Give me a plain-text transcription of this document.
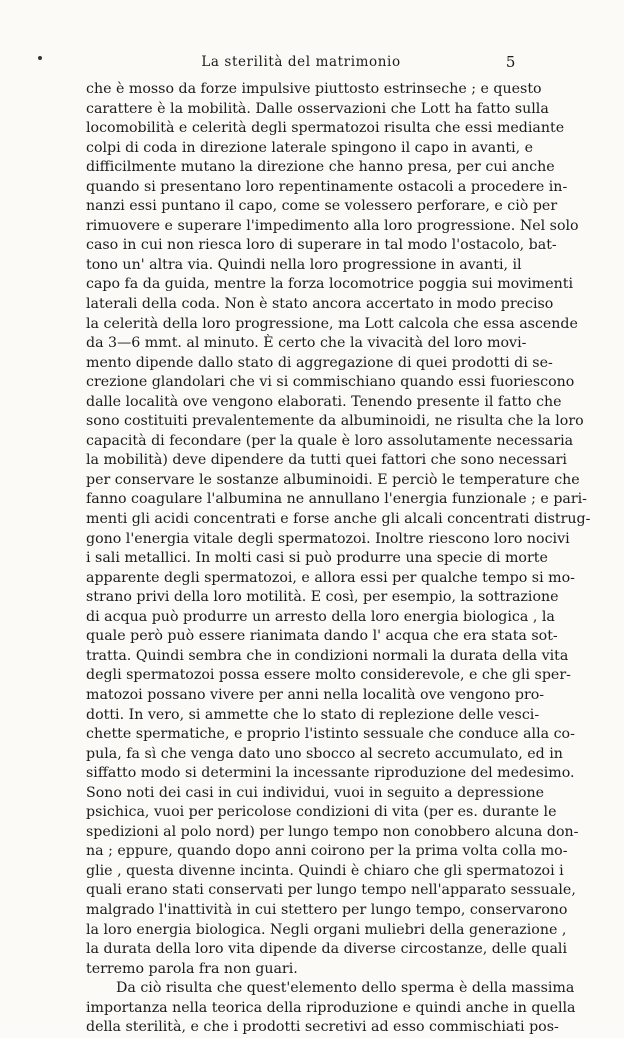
La sterilità del matrimonio	5
che è mosso da forze impulsive piuttosto estrinseche ; e questo
carattere è la mobilità. Dalle osservazioni che Lott ha fatto sulla
locomobilità e celerità degli spermatozoi risulta che essi mediante
colpi di coda in direzione laterale spingono il capo in avanti, e
difficilmente mutano la direzione che hanno presa, per cui anche
quando si presentano loro repentinamente ostacoli a procedere in-
nanzi essi puntano il capo, come se volessero perforare, e ciò per
rimuovere e superare l'impedimento alla loro progressione. Nel solo
caso in cui non riesca loro di superare in tal modo l'ostacolo, bat-
tono un' altra via. Quindi nella loro progressione in avanti, il
capo fa da guida, mentre la forza locomotrice poggia sui movimenti
laterali della coda. Non è stato ancora accertato in modo preciso
la celerità della loro progressione, ma Lott calcola che essa ascende
da 3—6 mmt. al minuto. È certo che la vivacità del loro movi-
mento dipende dallo stato di aggregazione di quei prodotti di se-
crezione glandolari che vi si commischiano quando essi fuoriescono
dalle località ove vengono elaborati. Tenendo presente il fatto che
sono costituiti prevalentemente da albuminoidi, ne risulta che la loro
capacità di fecondare (per la quale è loro assolutamente necessaria
la mobilità) deve dipendere da tutti quei fattori che sono necessari
per conservare le sostanze albuminoidi. E perciò le temperature che
fanno coagulare l'albumina ne annullano l'energia funzionale ; e pari-
menti gli acidi concentrati e forse anche gli alcali concentrati distrug-
gono l'energia vitale degli spermatozoi. Inoltre riescono loro nocivi
i sali metallici. In molti casi si può produrre una specie di morte
apparente degli spermatozoi, e allora essi per qualche tempo si mo-
strano privi della loro motilità. E così, per esempio, la sottrazione
di acqua può produrre un arresto della loro energia biologica , la
quale però può essere rianimata dando l' acqua che era stata sot-
tratta. Quindi sembra che in condizioni normali la durata della vita
degli spermatozoi possa essere molto considerevole, e che gli sper-
matozoi possano vivere per anni nella località ove vengono pro-
dotti. In vero, si ammette che lo stato di replezione delle vesci-
chette spermatiche, e proprio l'istinto sessuale che conduce alla co-
pula, fa sì che venga dato uno sbocco al secreto accumulato, ed in
siffatto modo si determini la incessante riproduzione del medesimo.
Sono noti dei casi in cui individui, vuoi in seguito a depressione
psichica, vuoi per pericolose condizioni di vita (per es. durante le
spedizioni al polo nord) per lungo tempo non conobbero alcuna don-
na ; eppure, quando dopo anni coirono per la prima volta colla mo-
glie , questa divenne incinta. Quindi è chiaro che gli spermatozoi i
quali erano stati conservati per lungo tempo nell'apparato sessuale,
malgrado l'inattività in cui stettero per lungo tempo, conservarono
la loro energia biologica. Negli organi muliebri della generazione ,
la durata della loro vita dipende da diverse circostanze, delle quali
terremo parola fra non guari.
Da ciò risulta che quest'elemento dello sperma è della massima
importanza nella teorica della riproduzione e quindi anche in quella
della sterilità, e che i prodotti secretivi ad esso commischiati pos-
